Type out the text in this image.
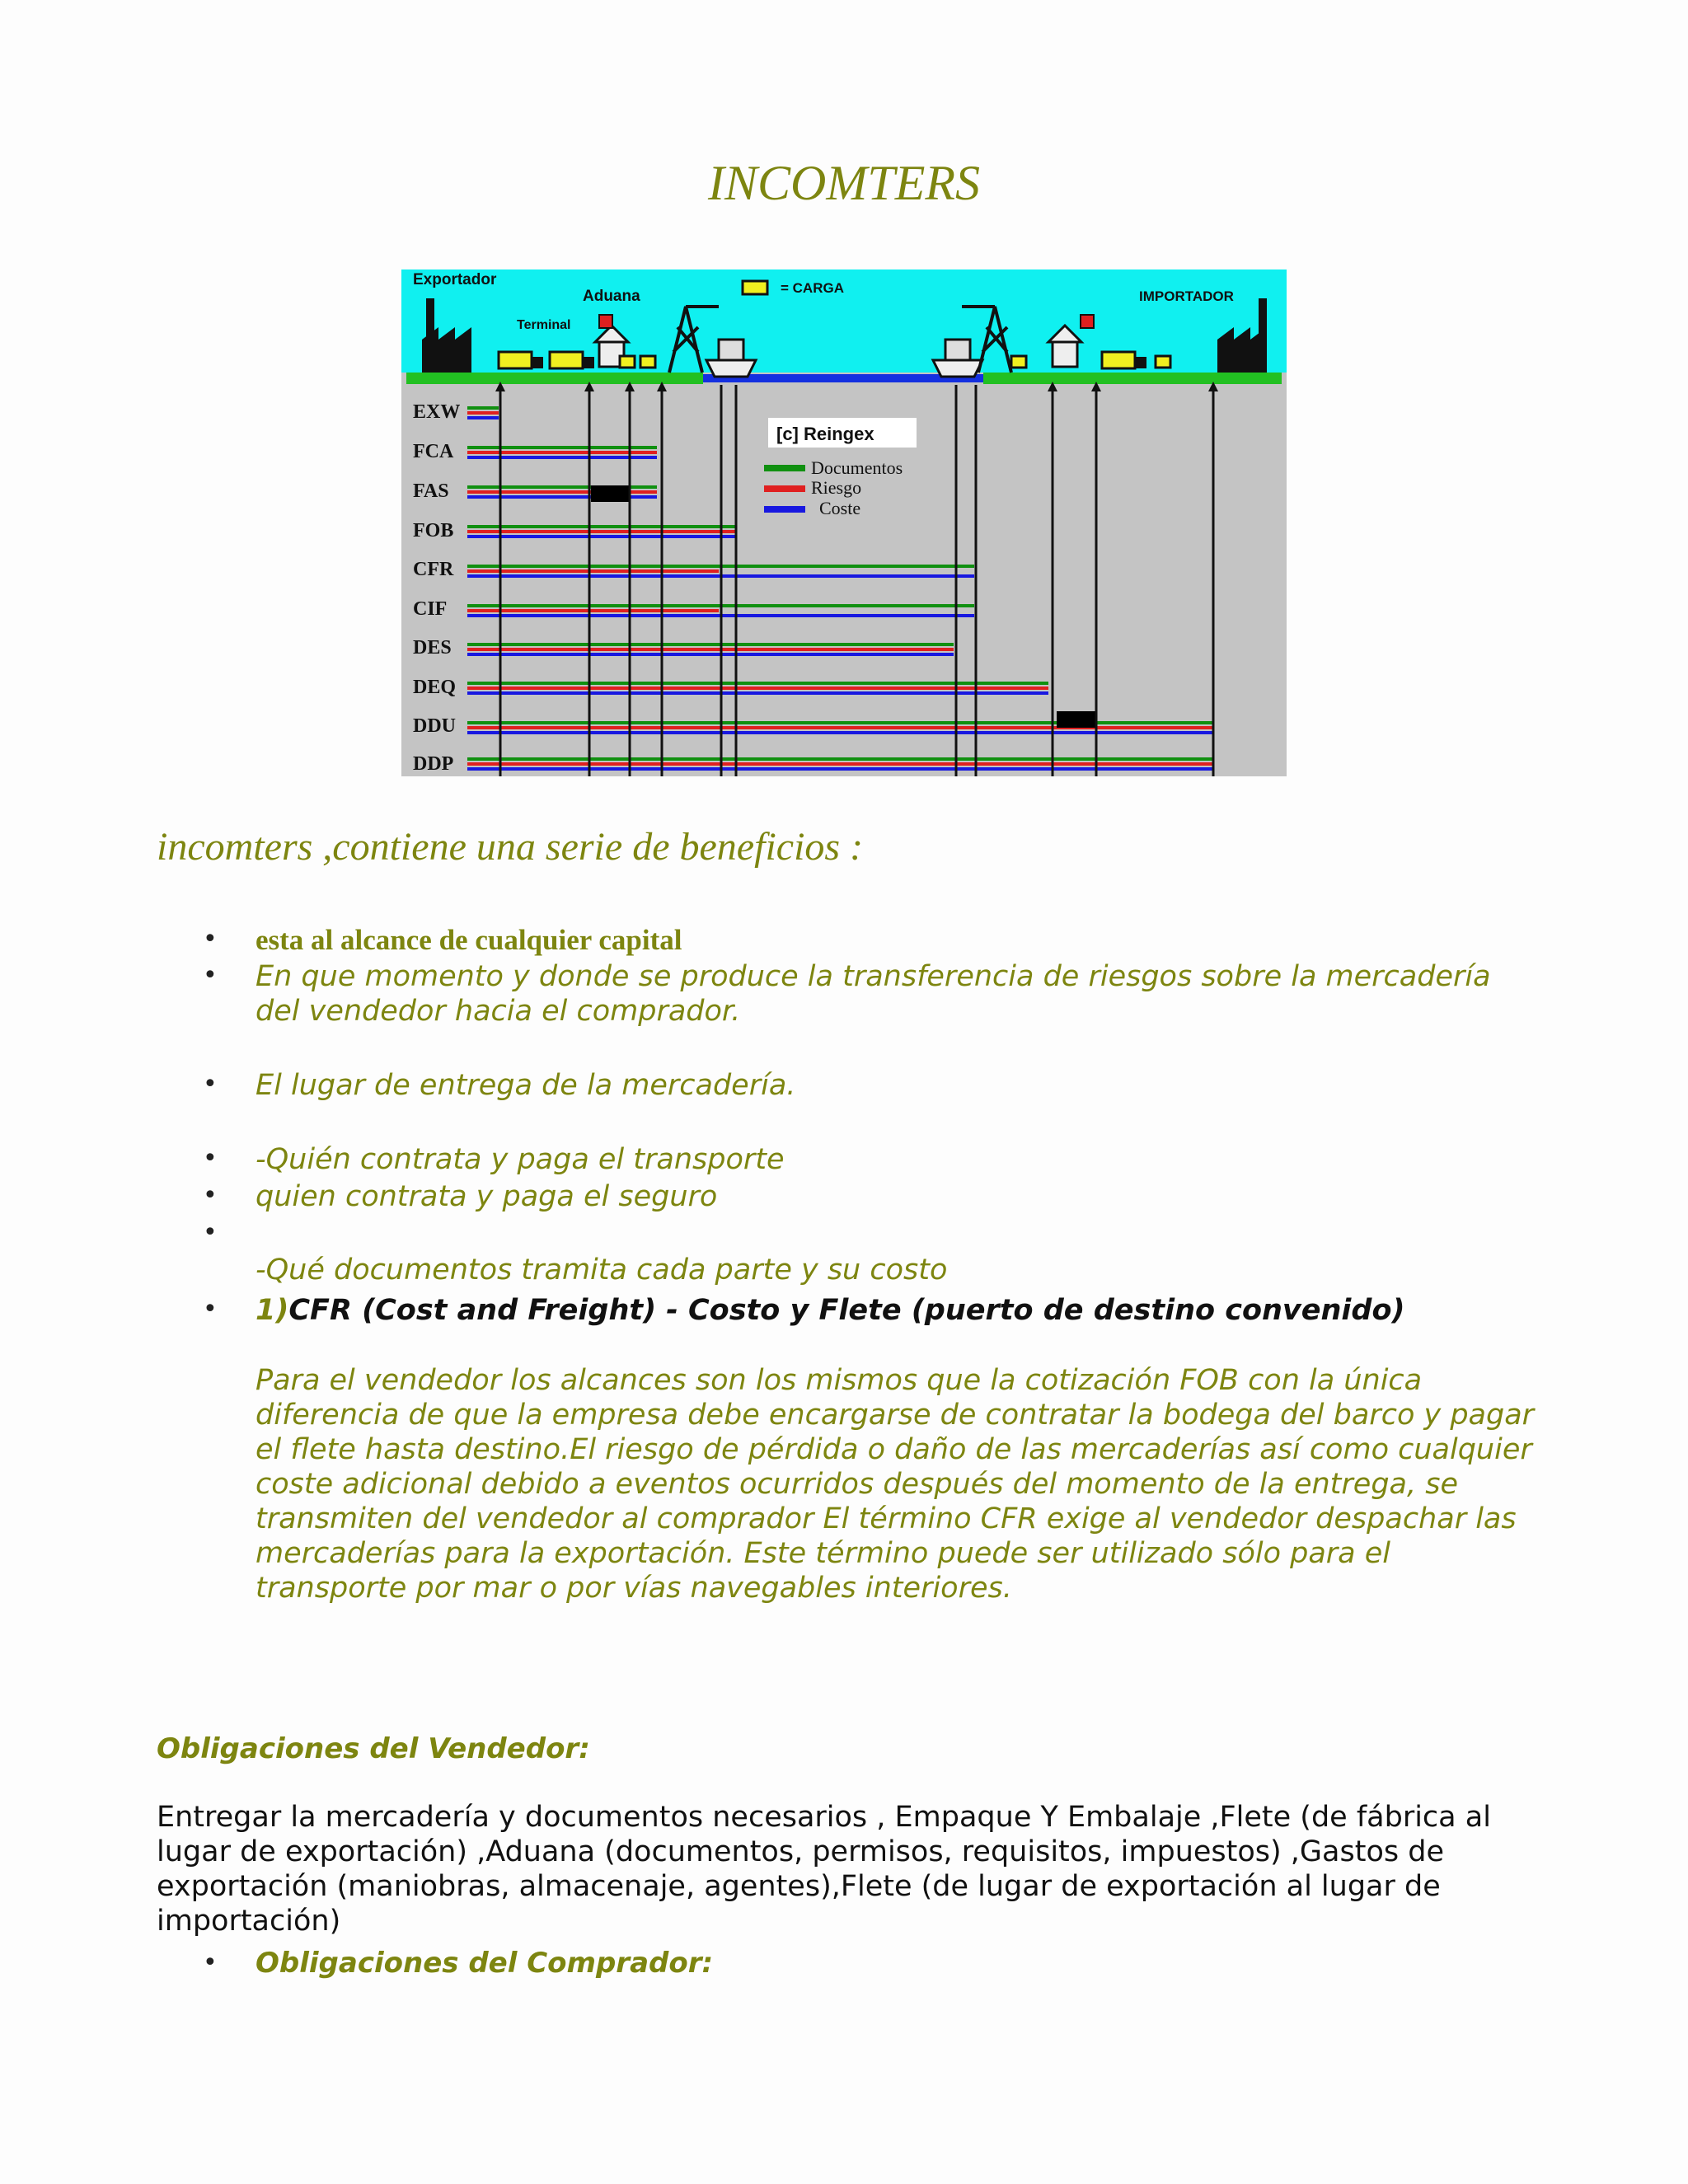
INCOMTERS
Exportador
Aduana
Terminal
= CARGA
IMPORTADOR
[c] Reingex
Documentos
Riesgo
Coste
EXW
FCA
FAS
FOB
CFR
CIF
DES
DEQ
DDU
DDP
incomters ,contiene una serie de beneficios :
• esta al alcance de cualquier capital
• En que momento y donde se produce la transferencia de riesgos sobre la mercadería del vendedor hacia el comprador.
• El lugar de entrega de la mercadería.
• -Quién contrata y paga el transporte
• quien contrata y paga el seguro
•
-Qué documentos tramita cada parte y su costo
• 1)CFR (Cost and Freight) - Costo y Flete (puerto de destino convenido)
Para el vendedor los alcances son los mismos que la cotización FOB con la única diferencia de que la empresa debe encargarse de contratar la bodega del barco y pagar el flete hasta destino.El riesgo de pérdida o daño de las mercaderías así como cualquier coste adicional debido a eventos ocurridos después del momento de la entrega, se transmiten del vendedor al comprador El término CFR exige al vendedor despachar las mercaderías para la exportación. Este término puede ser utilizado sólo para el transporte por mar o por vías navegables interiores.
Obligaciones del Vendedor:
Entregar la mercadería y documentos necesarios , Empaque Y Embalaje ,Flete (de fábrica al lugar de exportación) ,Aduana (documentos, permisos, requisitos, impuestos) ,Gastos de exportación (maniobras, almacenaje, agentes),Flete (de lugar de exportación al lugar de importación)
• Obligaciones del Comprador:
